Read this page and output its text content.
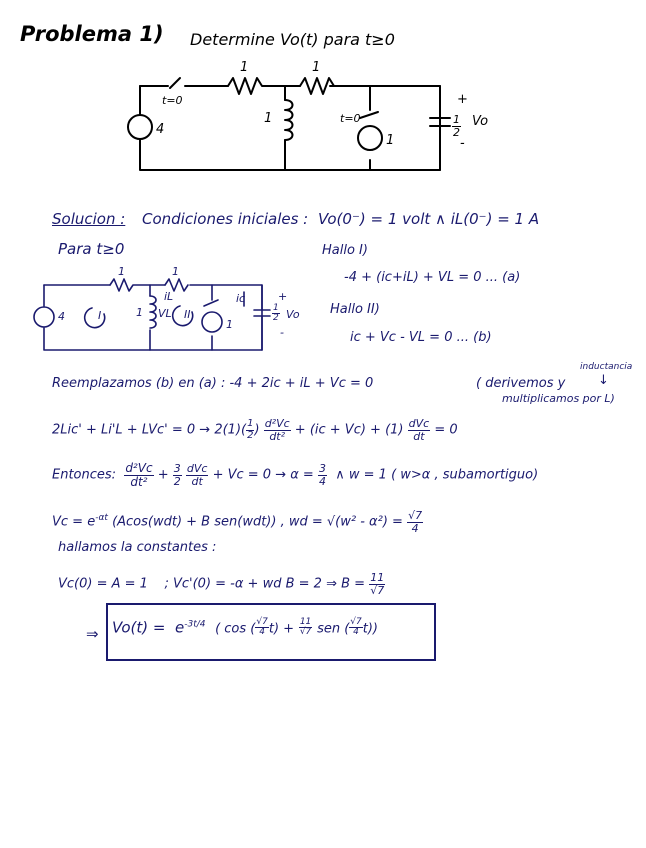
Problema 1) Determine Vo(t) para t≥0
1	1
t=0
4
1	t=0
1
$\frac{1}{2}$
+
Vo
-
Solucion : Condiciones iniciales : Vo(0⁻) = 1 volt ∧ iL(0⁻) = 1 A
Para t≥0	Hallo I)
-4 + (ic+iL) + VL = 0 ... (a)
Hallo II)
ic + Vc - VL = 0 ... (b)
1	1
4	I	1
iL
VL II
1
ic
$\frac{1}{2}$
+
Vo
-
inductancia
↓
Reemplazamos (b) en (a) : -4 + 2ic + iL + Vc = 0	( derivemos y
multiplicamos por L)
$2Lic' + Li'L + LVc' = 0 \to 2(1)( \frac{1}{2}$ ) $\frac{\text{d²Vc}}{\text{dt²}} + (ic + Vc) + (1) \frac{\text{dVc}}{dt} = 0$
Entonces: $\frac{\text{d²Vc}}{\text{dt²}} + \frac{3}{2}$
$\frac{\text{dVc}}{dt} + Vc = 0 \to \alpha = \frac{3}{4}$ ∧ w = 1 ( w>α , subamortiguo)
$Vc = e^{-\alpha t}$ (Acos(wdt) + B sen(wdt)) , wd = $√(w^2 - \alpha^2) = \frac{√7}{4}$
hallamos la constantes :
Vc(0) = A = 1 ; Vc'(0) = -α + wd B = 2 ⇒ $B = \frac{11}{√7}$
⇒ $Vo(t) = e^{-3t/4}$ ( cos ( $\frac{√7}{4} t) + \frac{11}{√7}$ sen ( $\frac{√7}{4} t$))
